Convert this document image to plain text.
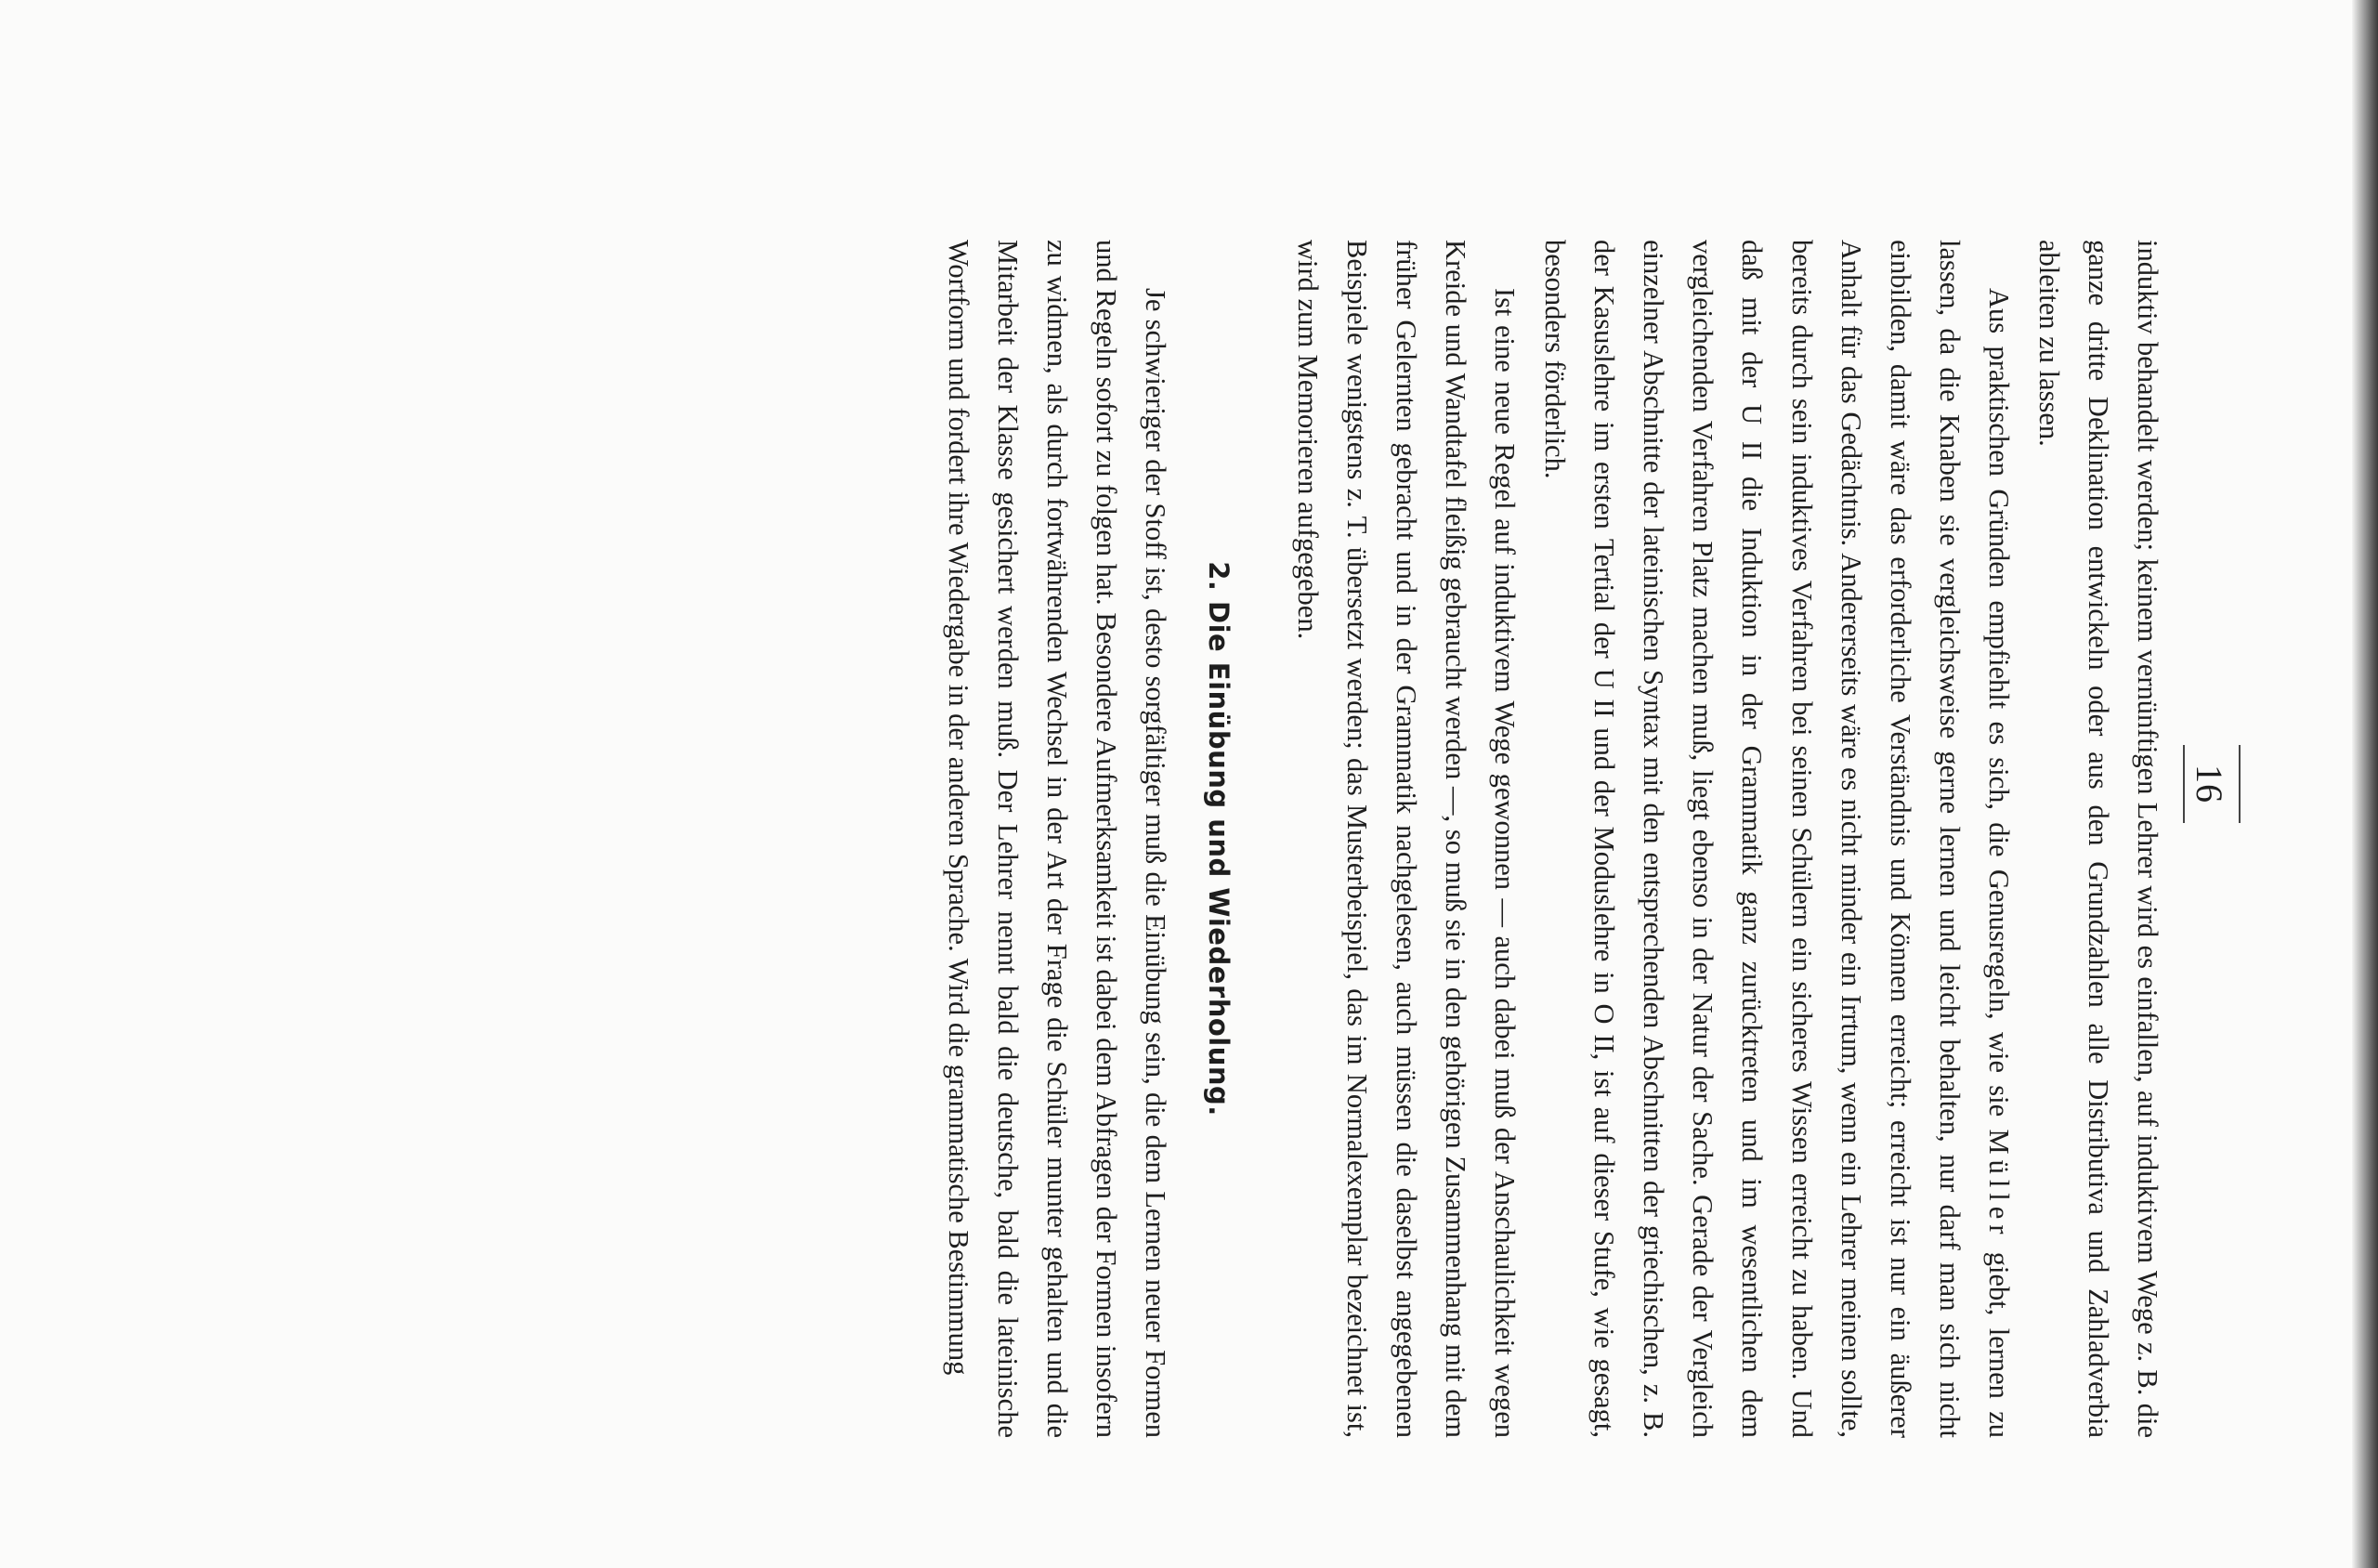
16

induktiv behandelt werden; keinem vernünftigen Lehrer wird es einfallen, auf induktivem Wege z. B. die ganze dritte Deklination entwickeln oder aus den Grundzahlen alle Distributiva und Zahladverbia ableiten zu lassen.

Aus praktischen Gründen empfiehlt es sich, die Genusregeln, wie sie Müller giebt, lernen zu lassen, da die Knaben sie vergleichsweise gerne lernen und leicht behalten, nur darf man sich nicht einbilden, damit wäre das erforderliche Verständnis und Können erreicht; erreicht ist nur ein äußerer Anhalt für das Gedächtnis. Andererseits wäre es nicht minder ein Irrtum, wenn ein Lehrer meinen sollte, bereits durch sein induktives Verfahren bei seinen Schülern ein sicheres Wissen erreicht zu haben. Und daß mit der U II die Induktion in der Grammatik ganz zurücktreten und im wesentlichen dem vergleichenden Verfahren Platz machen muß, liegt ebenso in der Natur der Sache. Gerade der Vergleich einzelner Abschnitte der lateinischen Syntax mit den entsprechenden Abschnitten der griechischen, z. B. der Kasuslehre im ersten Tertial der U II und der Moduslehre in O II, ist auf dieser Stufe, wie gesagt, besonders förderlich.

Ist eine neue Regel auf induktivem Wege gewonnen — auch dabei muß der Anschaulichkeit wegen Kreide und Wandtafel fleißig gebraucht werden —, so muß sie in den gehörigen Zusammenhang mit dem früher Gelernten gebracht und in der Grammatik nachgelesen, auch müssen die daselbst angegebenen Beispiele wenigstens z. T. übersetzt werden; das Musterbeispiel, das im Normalexemplar bezeichnet ist, wird zum Memorieren aufgegeben.

2. Die Einübung und Wiederholung.

Je schwieriger der Stoff ist, desto sorgfältiger muß die Einübung sein, die dem Lernen neuer Formen und Regeln sofort zu folgen hat. Besondere Aufmerksamkeit ist dabei dem Abfragen der Formen insofern zu widmen, als durch fortwährenden Wechsel in der Art der Frage die Schüler munter gehalten und die Mitarbeit der Klasse gesichert werden muß. Der Lehrer nennt bald die deutsche, bald die lateinische Wortform und fordert ihre Wiedergabe in der anderen Sprache. Wird die grammatische Bestimmung
